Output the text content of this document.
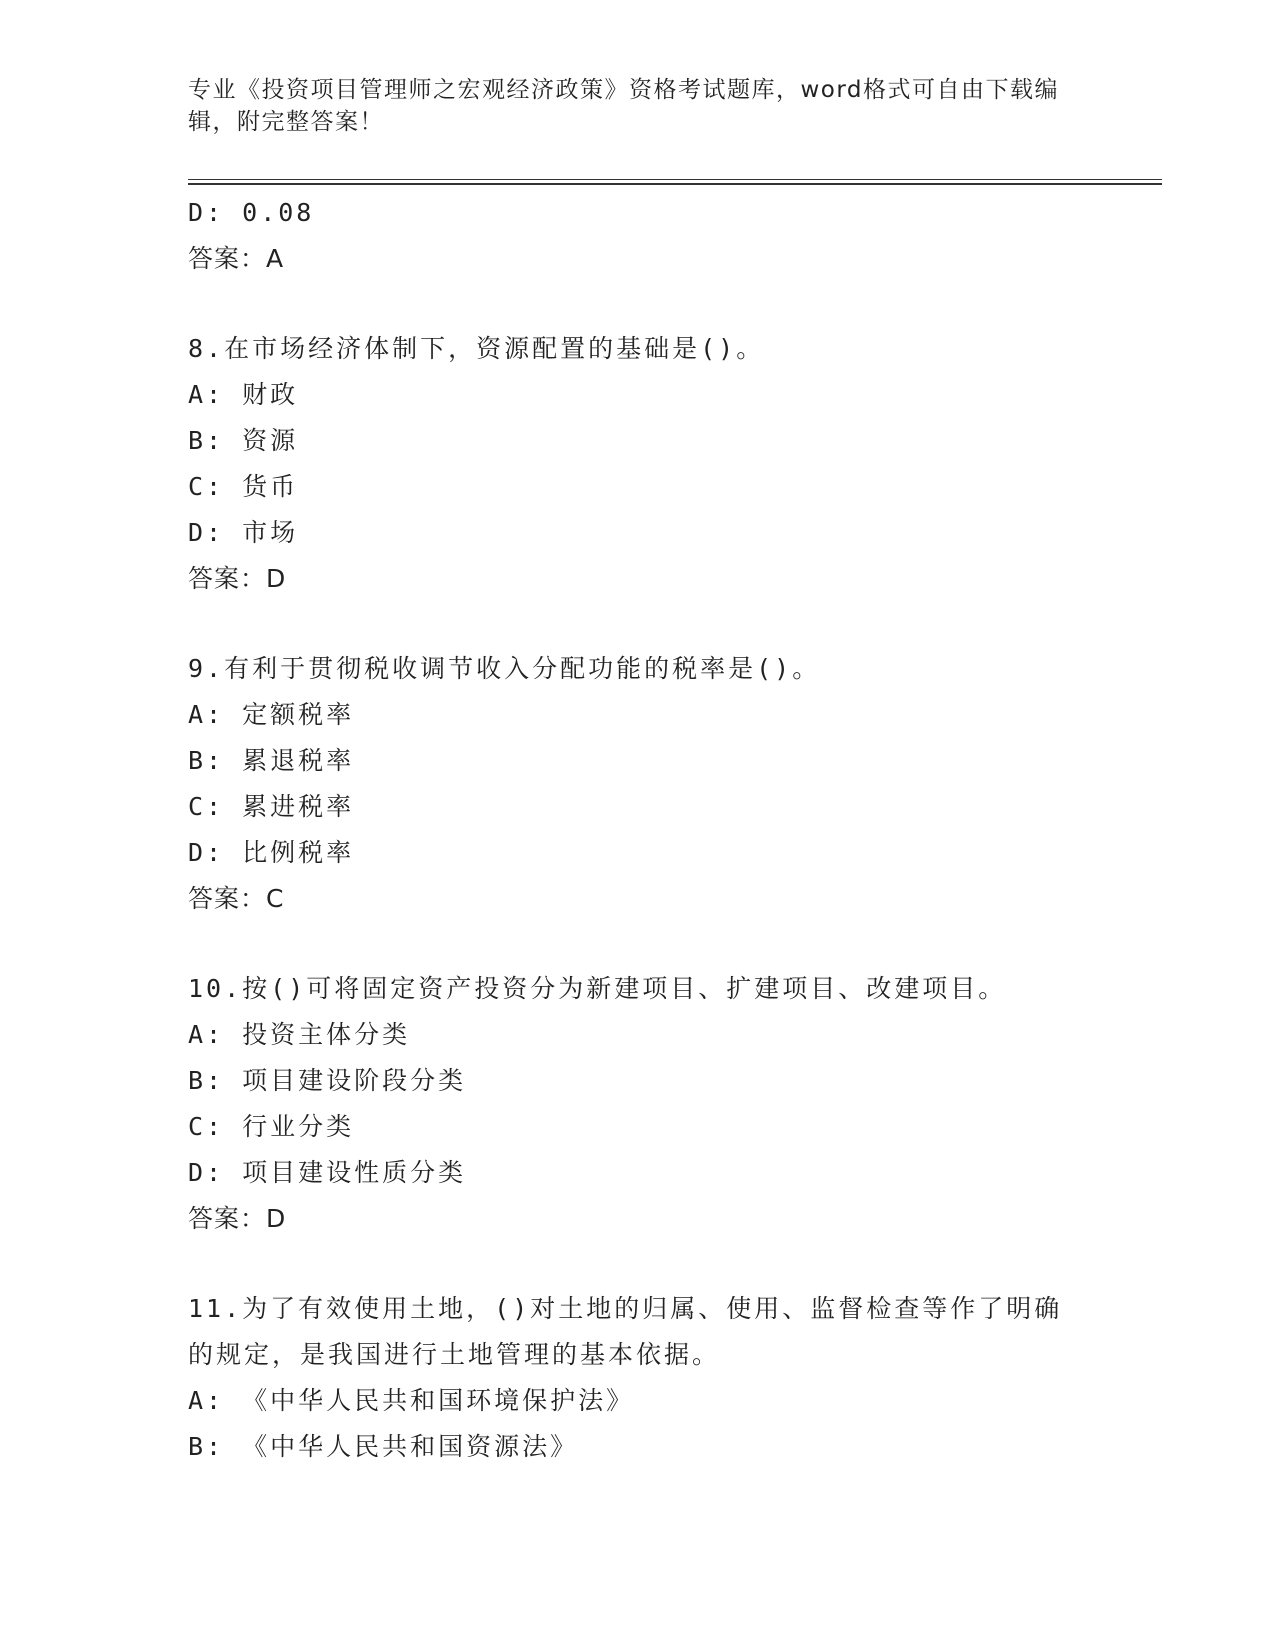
专业《投资项目管理师之宏观经济政策》资格考试题库，word格式可自由下载编辑，附完整答案！
D: 0.08
答案：A
8.在市场经济体制下，资源配置的基础是()。
A: 财政
B: 资源
C: 货币
D: 市场
答案：D
9.有利于贯彻税收调节收入分配功能的税率是()。
A: 定额税率
B: 累退税率
C: 累进税率
D: 比例税率
答案：C
10.按()可将固定资产投资分为新建项目、扩建项目、改建项目。
A: 投资主体分类
B: 项目建设阶段分类
C: 行业分类
D: 项目建设性质分类
答案：D
11.为了有效使用土地，()对土地的归属、使用、监督检查等作了明确的规定，是我国进行土地管理的基本依据。
A: 《中华人民共和国环境保护法》
B: 《中华人民共和国资源法》
